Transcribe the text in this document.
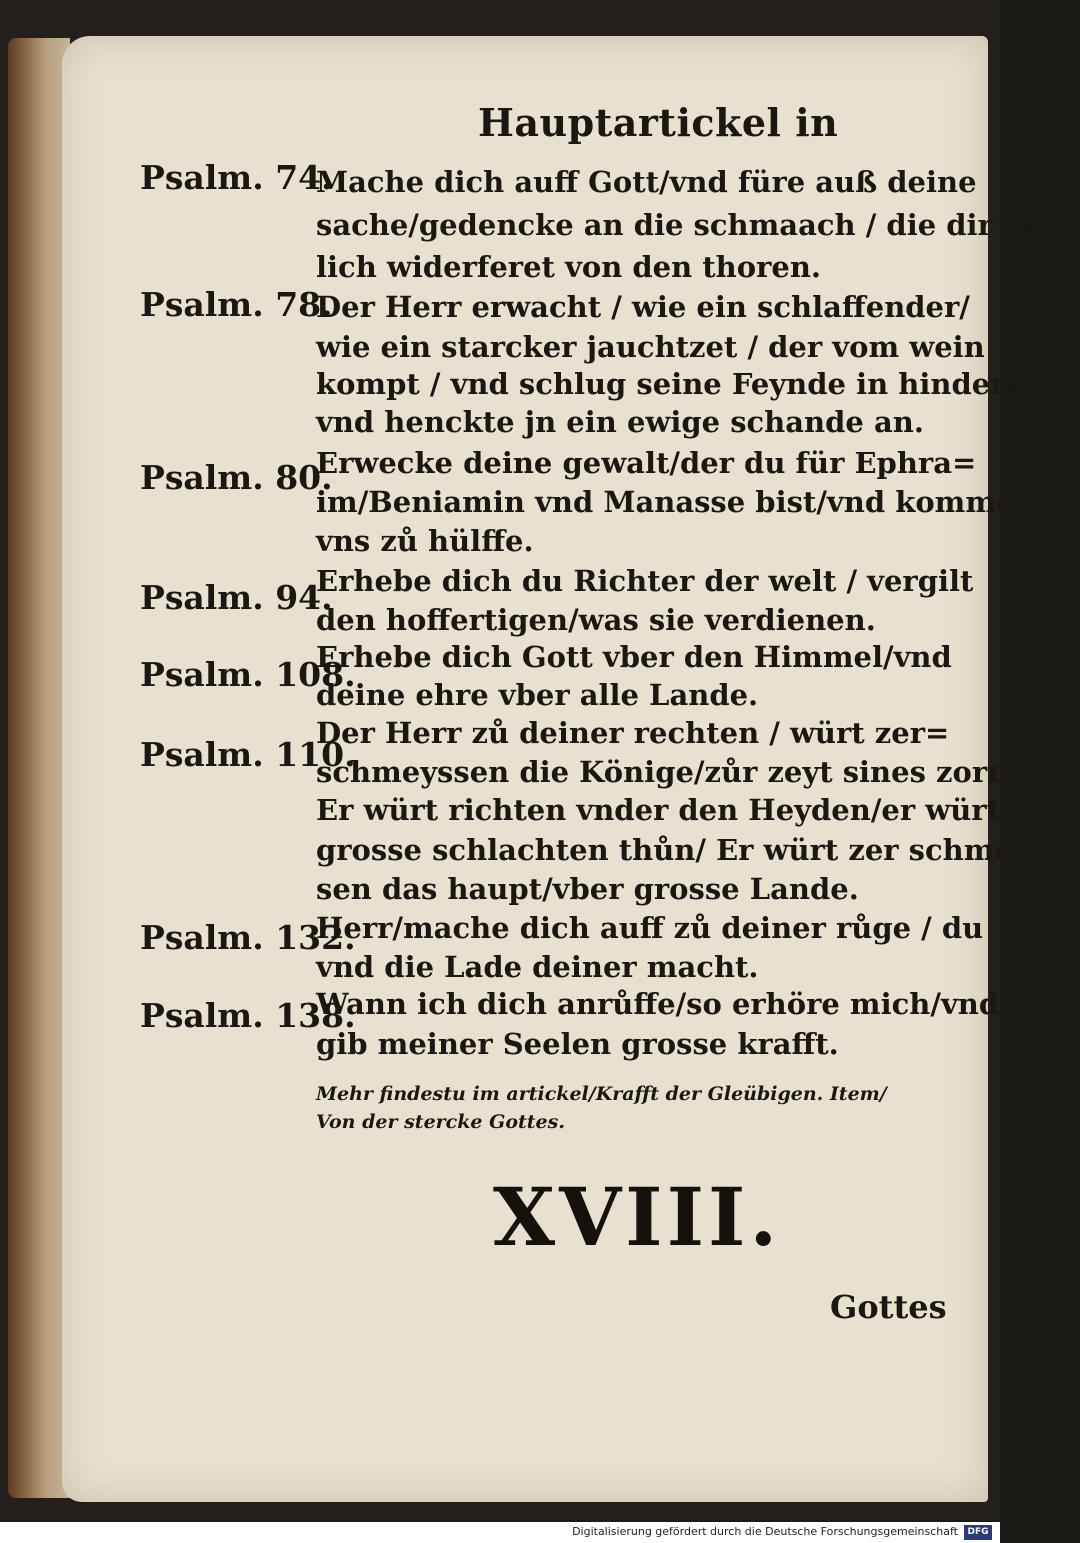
Hauptartickel in
Psalm. 74.
Mache dich auff Gott/vnd füre auß deine
sache/gedencke an die schmaach / die dir täg=
lich widerferet von den thoren.
Psalm. 78.
Der Herr erwacht / wie ein schlaffender/
wie ein starcker jauchtzet / der vom wein
kompt / vnd schlug seine Feynde in hindern/
vnd henckte jn ein ewige schande an.
Psalm. 80.
Erwecke deine gewalt/der du für Ephra=
im/Beniamin vnd Manasse bist/vnd komme
vns zů hülffe.
Psalm. 94.
Erhebe dich du Richter der welt / vergilt
den hoffertigen/was sie verdienen.
Psalm. 108.
Erhebe dich Gott vber den Himmel/vnd
deine ehre vber alle Lande.
Psalm. 110.
Der Herr zů deiner rechten / würt zer=
schmeyssen die Könige/zůr zeyt sines zorns/
Er würt richten vnder den Heyden/er würt
grosse schlachten thůn/ Er würt zer schmeys=
sen das haupt/vber grosse Lande.
Psalm. 132.
Herr/mache dich auff zů deiner růge / du
vnd die Lade deiner macht.
Psalm. 138.
Wann ich dich anrůffe/so erhöre mich/vnd
gib meiner Seelen grosse krafft.
Mehr findestu im artickel/Krafft der Gleübigen. Item/
Von der stercke Gottes.
XVIII.
Gottes
Digitalisierung gefördert durch die Deutsche Forschungsgemeinschaft	DFG
